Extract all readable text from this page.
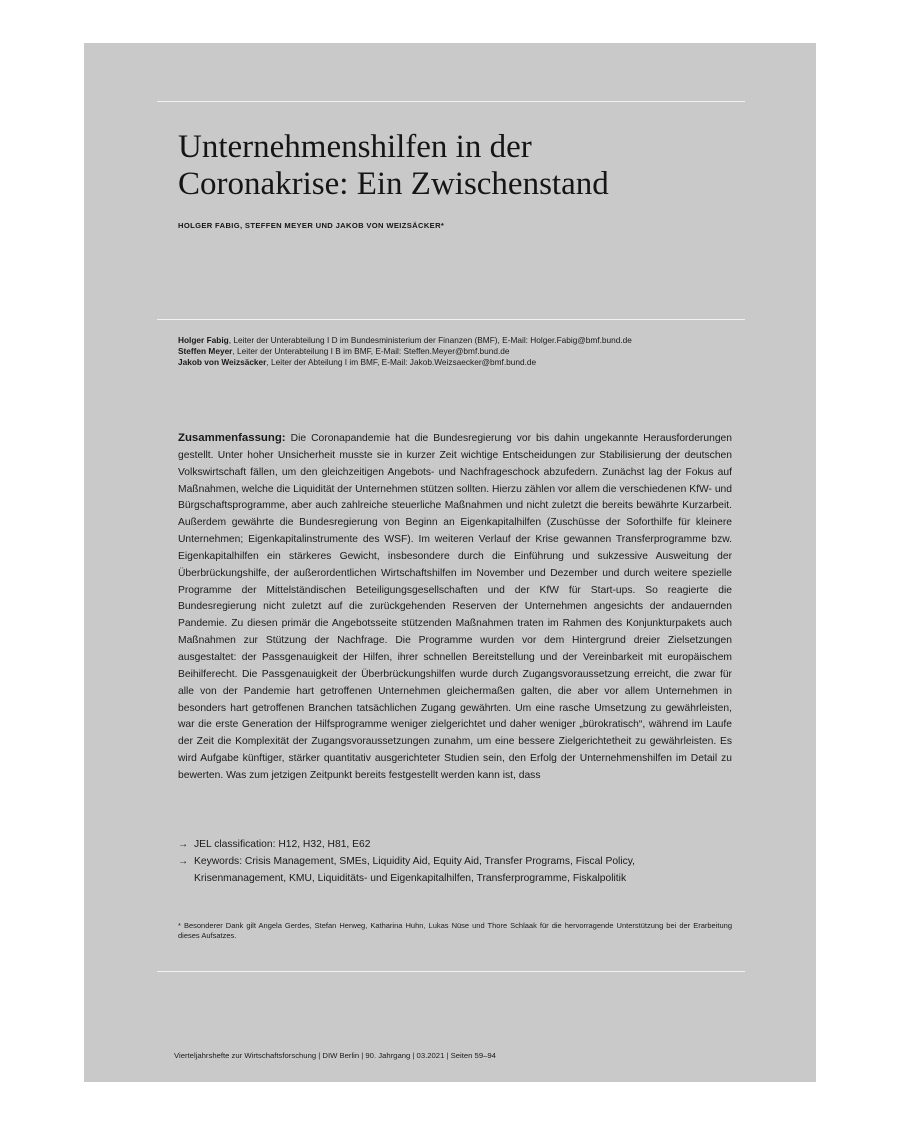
Unternehmenshilfen in der
Coronakrise: Ein Zwischenstand

HOLGER FABIG, STEFFEN MEYER UND JAKOB VON WEIZSÄCKER*

Holger Fabig, Leiter der Unterabteilung I D im Bundesministerium der Finanzen (BMF), E-Mail: Holger.Fabig@bmf.bund.de
Steffen Meyer, Leiter der Unterabteilung I B im BMF, E-Mail: Steffen.Meyer@bmf.bund.de
Jakob von Weizsäcker, Leiter der Abteilung I im BMF, E-Mail: Jakob.Weizsaecker@bmf.bund.de

Zusammenfassung: Die Coronapandemie hat die Bundesregierung vor bis dahin ungekannte Herausforderungen gestellt. Unter hoher Unsicherheit musste sie in kurzer Zeit wichtige Entscheidungen zur Stabilisierung der deutschen Volkswirtschaft fällen, um den gleichzeitigen Angebots- und Nachfrageschock abzufedern. Zunächst lag der Fokus auf Maßnahmen, welche die Liquidität der Unternehmen stützen sollten. Hierzu zählen vor allem die verschiedenen KfW- und Bürgschaftsprogramme, aber auch zahlreiche steuerliche Maßnahmen und nicht zuletzt die bereits bewährte Kurzarbeit. Außerdem gewährte die Bundesregierung von Beginn an Eigenkapitalhilfen (Zuschüsse der Soforthilfe für kleinere Unternehmen; Eigenkapitalinstrumente des WSF). Im weiteren Verlauf der Krise gewannen Transferprogramme bzw. Eigenkapitalhilfen ein stärkeres Gewicht, insbesondere durch die Einführung und sukzessive Ausweitung der Überbrückungshilfe, der außerordentlichen Wirtschaftshilfen im November und Dezember und durch weitere spezielle Programme der Mittelständischen Beteiligungsgesellschaften und der KfW für Start-ups. So reagierte die Bundesregierung nicht zuletzt auf die zurückgehenden Reserven der Unternehmen angesichts der andauernden Pandemie. Zu diesen primär die Angebotsseite stützenden Maßnahmen traten im Rahmen des Konjunkturpakets auch Maßnahmen zur Stützung der Nachfrage. Die Programme wurden vor dem Hintergrund dreier Zielsetzungen ausgestaltet: der Passgenauigkeit der Hilfen, ihrer schnellen Bereitstellung und der Vereinbarkeit mit europäischem Beihilferecht. Die Passgenauigkeit der Überbrückungshilfen wurde durch Zugangsvoraussetzung erreicht, die zwar für alle von der Pandemie hart getroffenen Unternehmen gleichermaßen galten, die aber vor allem Unternehmen in besonders hart getroffenen Branchen tatsächlichen Zugang gewährten. Um eine rasche Umsetzung zu gewährleisten, war die erste Generation der Hilfsprogramme weniger zielgerichtet und daher weniger „bürokratisch“, während im Laufe der Zeit die Komplexität der Zugangsvoraussetzungen zunahm, um eine bessere Zielgerichtetheit zu gewährleisten. Es wird Aufgabe künftiger, stärker quantitativ ausgerichteter Studien sein, den Erfolg der Unternehmenshilfen im Detail zu bewerten. Was zum jetzigen Zeitpunkt bereits festgestellt werden kann ist, dass

→ JEL classification: H12, H32, H81, E62
→ Keywords: Crisis Management, SMEs, Liquidity Aid, Equity Aid, Transfer Programs, Fiscal Policy,
Krisenmanagement, KMU, Liquiditäts- und Eigenkapitalhilfen, Transferprogramme, Fiskalpolitik

* Besonderer Dank gilt Angela Gerdes, Stefan Herweg, Katharina Huhn, Lukas Nüse und Thore Schlaak für die hervorragende Unterstützung bei der Erarbeitung dieses Aufsatzes.

Vierteljahrshefte zur Wirtschaftsforschung | DIW Berlin | 90. Jahrgang | 03.2021 | Seiten 59–94
